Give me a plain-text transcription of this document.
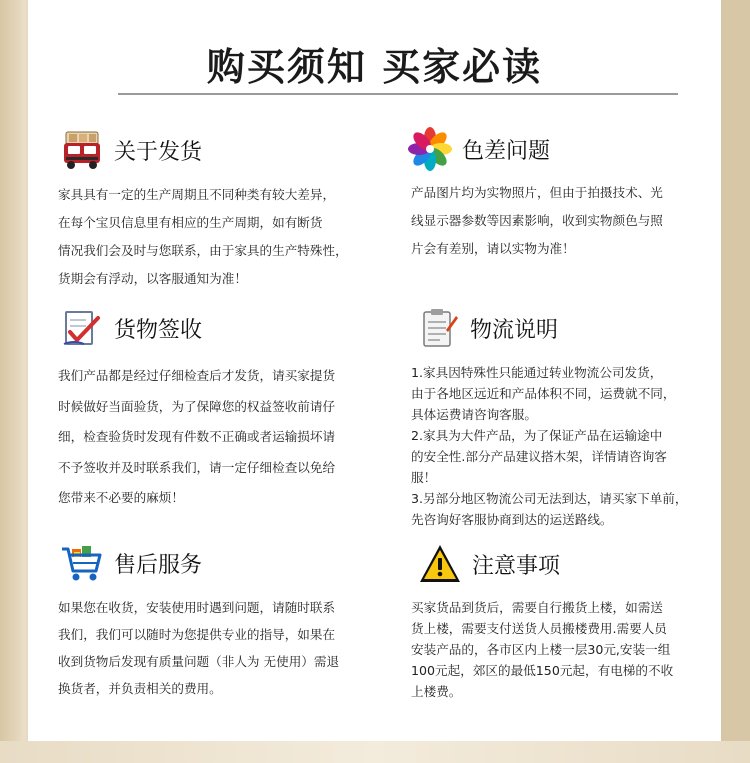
购买须知 买家必读
关于发货
家具具有一定的生产周期且不同种类有较大差异，
在每个宝贝信息里有相应的生产周期，如有断货
情况我们会及时与您联系，由于家具的生产特殊性，
货期会有浮动，以客服通知为准！
色差问题
产品图片均为实物照片，但由于拍摄技术、光
线显示器参数等因素影响，收到实物颜色与照
片会有差别，请以实物为准！
货物签收
我们产品都是经过仔细检查后才发货，请买家提货
时候做好当面验货，为了保障您的权益签收前请仔
细，检查验货时发现有件数不正确或者运输损坏请
不予签收并及时联系我们，请一定仔细检查以免给
您带来不必要的麻烦！
物流说明
1.家具因特殊性只能通过转业物流公司发货，
由于各地区远近和产品体积不同，运费就不同，
具体运费请咨询客服。
2.家具为大件产品，为了保证产品在运输途中
的安全性.部分产品建议搭木架，详情请咨询客
服！
3.另部分地区物流公司无法到达，请买家下单前，
先咨询好客服协商到达的运送路线。
售后服务
如果您在收货，安装使用时遇到问题，请随时联系
我们，我们可以随时为您提供专业的指导，如果在
收到货物后发现有质量问题（非人为 无使用）需退
换货者，并负责相关的费用。
注意事项
买家货品到货后，需要自行搬货上楼，如需送
货上楼，需要支付送货人员搬楼费用.需要人员
安装产品的，各市区内上楼一层30元,安装一组
100元起，郊区的最低150元起，有电梯的不收
上楼费。
